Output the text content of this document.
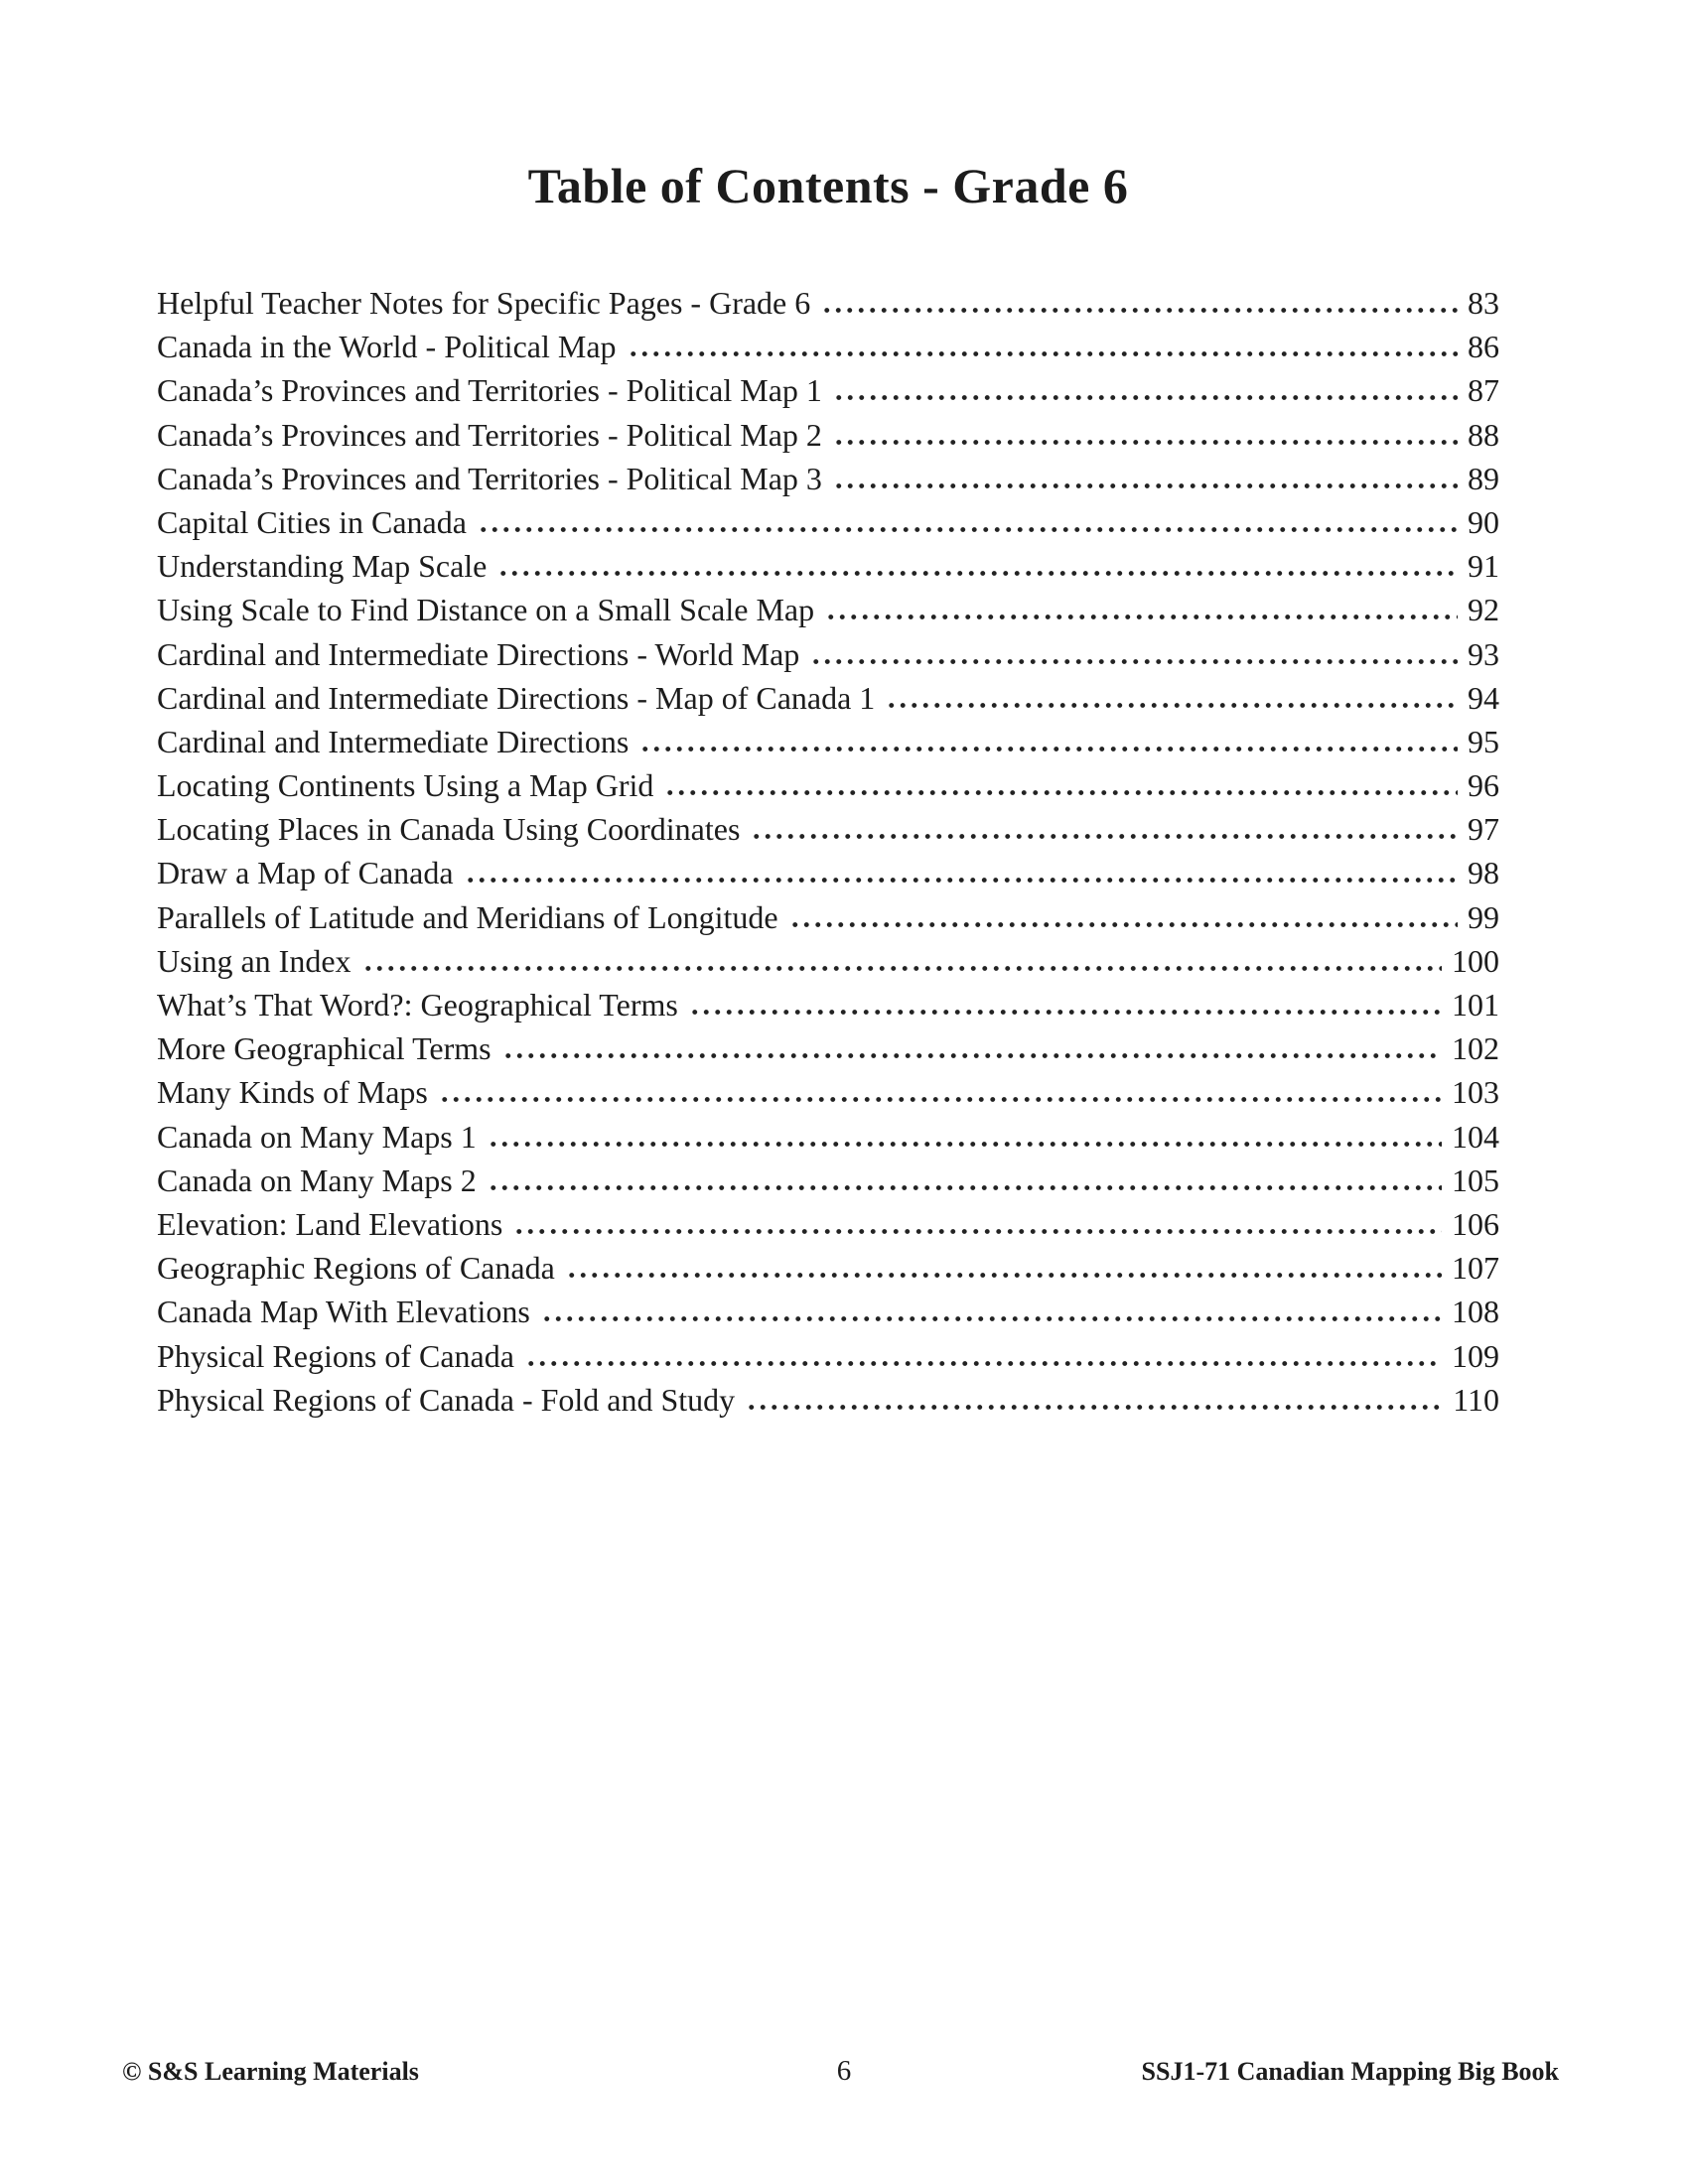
Table of Contents - Grade 6
Helpful Teacher Notes for Specific Pages - Grade 6	83
Canada in the World - Political Map	86
Canada’s Provinces and Territories - Political Map 1	87
Canada’s Provinces and Territories - Political Map 2	88
Canada’s Provinces and Territories - Political Map 3	89
Capital Cities in Canada	90
Understanding Map Scale	91
Using Scale to Find Distance on a Small Scale Map	92
Cardinal and Intermediate Directions - World Map	93
Cardinal and Intermediate Directions - Map of Canada 1	94
Cardinal and Intermediate Directions	95
Locating Continents Using a Map Grid	96
Locating Places in Canada Using Coordinates	97
Draw a Map of Canada	98
Parallels of Latitude and Meridians of Longitude	99
Using an Index	100
What’s That Word?: Geographical Terms	101
More Geographical Terms	102
Many Kinds of Maps	103
Canada on Many Maps 1	104
Canada on Many Maps 2	105
Elevation: Land Elevations	106
Geographic Regions of Canada	107
Canada Map With Elevations	108
Physical Regions of Canada	109
Physical Regions of Canada - Fold and Study	110
© S&S Learning Materials	6	SSJ1-71 Canadian Mapping Big Book
